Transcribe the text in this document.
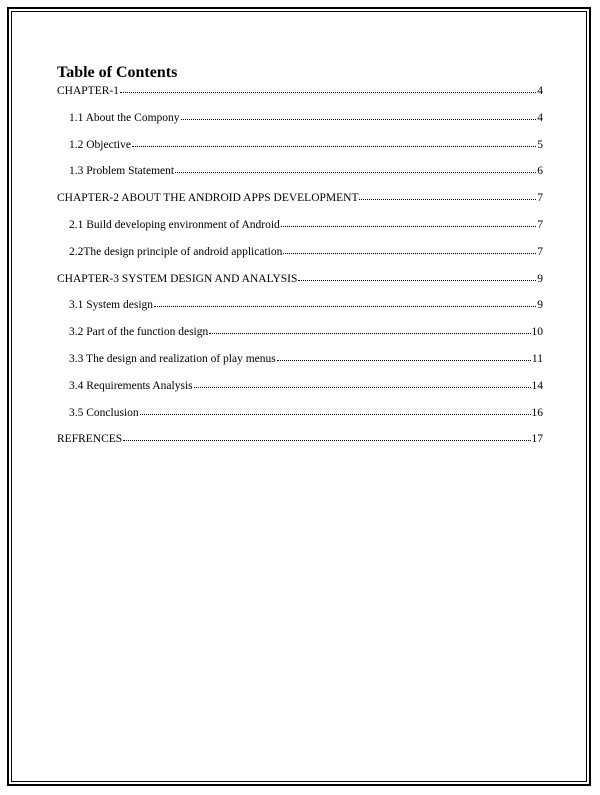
Table of Contents
CHAPTER-1	4
1.1 About the Compony	4
1.2 Objective	5
1.3 Problem Statement	6
CHAPTER-2 ABOUT THE ANDROID APPS DEVELOPMENT	7
2.1 Build developing environment of Android	7
2.2The design principle of android application	7
CHAPTER-3 SYSTEM DESIGN AND ANALYSIS	9
3.1 System design	9
3.2 Part of the function design	10
3.3 The design and realization of play menus	11
3.4 Requirements Analysis	14
3.5 Conclusion	16
REFRENCES	17
